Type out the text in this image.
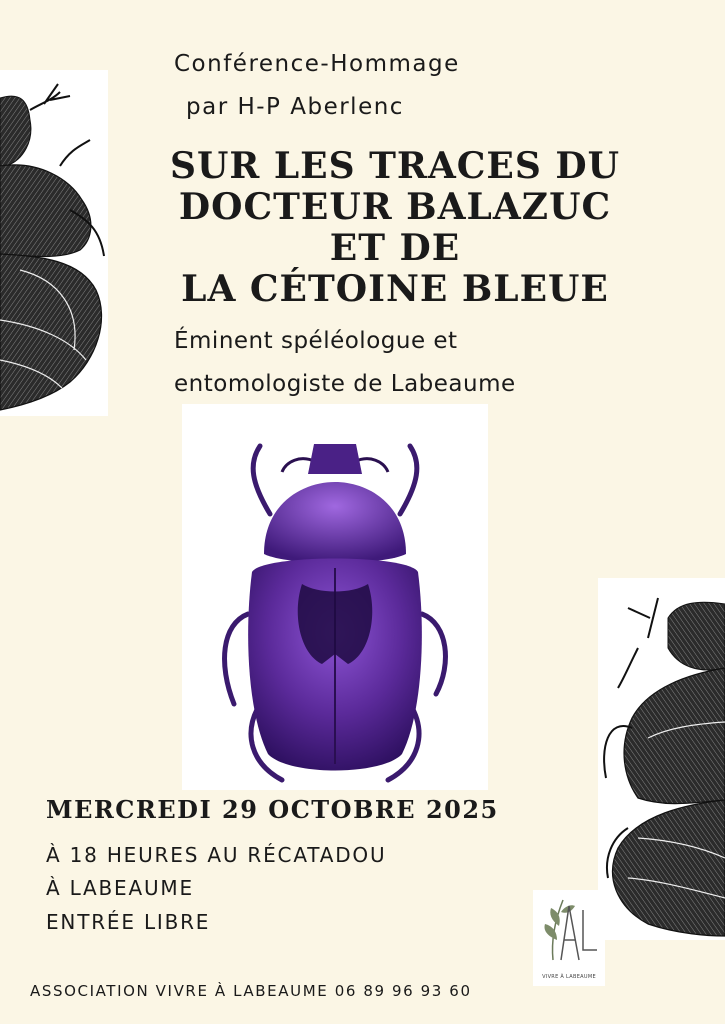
Conférence-Hommage
par H-P Aberlenc
SUR LES TRACES DU
DOCTEUR BALAZUC
ET DE
LA CÉTOINE BLEUE
Éminent spéléologue et
entomologiste de Labeaume
MERCREDI 29 OCTOBRE 2025
À 18 HEURES AU RÉCATADOU
À LABEAUME
ENTRÉE LIBRE
VIVRE À LABEAUME
ASSOCIATION VIVRE À LABEAUME 06 89 96 93 60
